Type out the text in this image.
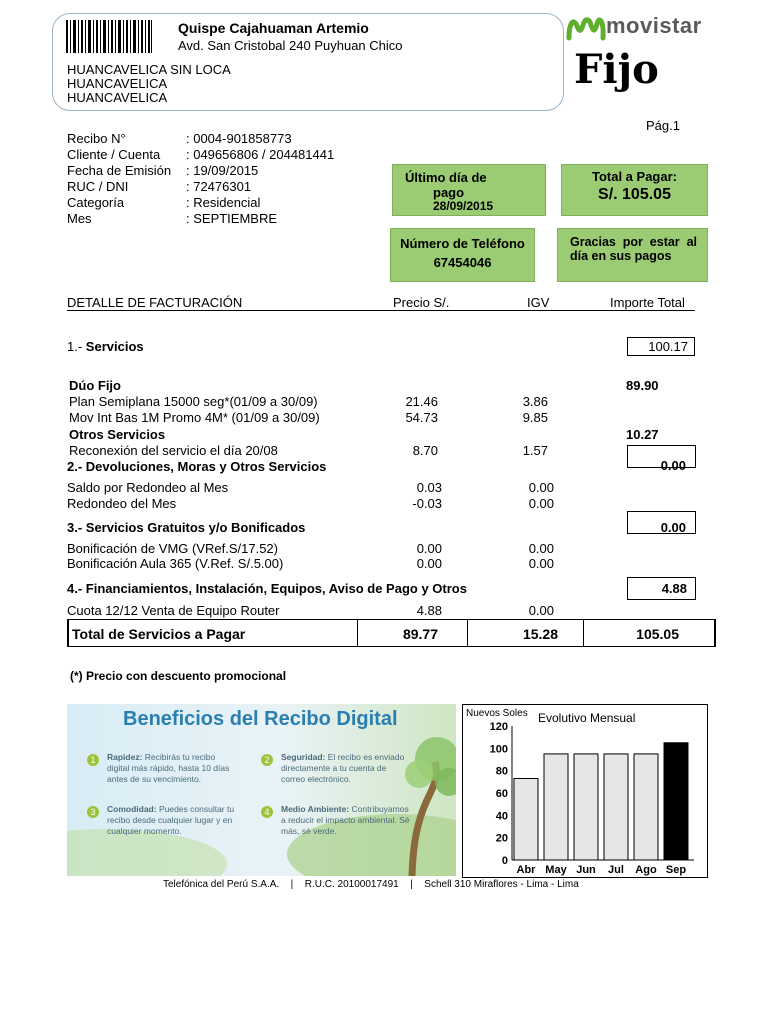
Quispe Cajahuaman Artemio
Avd. San Cristobal 240 Puyhuan Chico
HUANCAVELICA SIN LOCA
HUANCAVELICA
HUANCAVELICA
movistar
Fijo
Pág.1
Recibo N°	: 0004-901858773
Cliente / Cuenta : 049656806 / 204481441
Fecha de Emisión : 19/09/2015
RUC / DNI	: 72476301
Categoría	: Residencial
Mes	: SEPTIEMBRE
Último día de
pago
28/09/2015
Total a Pagar:
S/. 105.05
Número de Teléfono
67454046
Gracias por estar al día en sus pagos
DETALLE DE FACTURACIÓN	Precio S/.	IGV	Importe Total
1.- Servicios	100.17
Dúo Fijo	89.90
Plan Semiplana 15000 seg*(01/09 a 30/09)	21.46	3.86
Mov Int Bas 1M Promo 4M* (01/09 a 30/09)	54.73	9.85
Otros Servicios	10.27
Reconexión del servicio el día 20/08	8.70	1.57
2.- Devoluciones, Moras y Otros Servicios	0.00
Saldo por Redondeo al Mes	0.03	0.00
Redondeo del Mes	-0.03	0.00
3.- Servicios Gratuitos y/o Bonificados	0.00
Bonificación de VMG (VRef.S/17.52)	0.00	0.00
Bonificación Aula 365 (V.Ref. S/.5.00)	0.00	0.00
4.- Financiamientos, Instalación, Equipos, Aviso de Pago y Otros	4.88
Cuota 12/12 Venta de Equipo Router	4.88	0.00
Total de Servicios a Pagar	89.77	15.28	105.05
(*) Precio con descuento promocional
Beneficios del Recibo Digital
1	Rapidez: Recibirás tu recibo digital más rápido, hasta 10 días antes de su vencimiento.
2	Seguridad: El recibo es enviado directamente a tu cuenta de correo electrónico.
3	Comodidad: Puedes consultar tu recibo desde cualquier lugar y en cualquier momento.
4	Medio Ambiente: Contribuyamos a reducir el impacto ambiental. Sé más, sé verde.
Nuevos Soles Evolutivo Mensual
0
20
40
60
80
100
120
Abr May Jun Jul Ago Sep
Telefónica del Perú S.A.A. | R.U.C. 20100017491 | Schell 310 Miraflores - Lima - Lima
